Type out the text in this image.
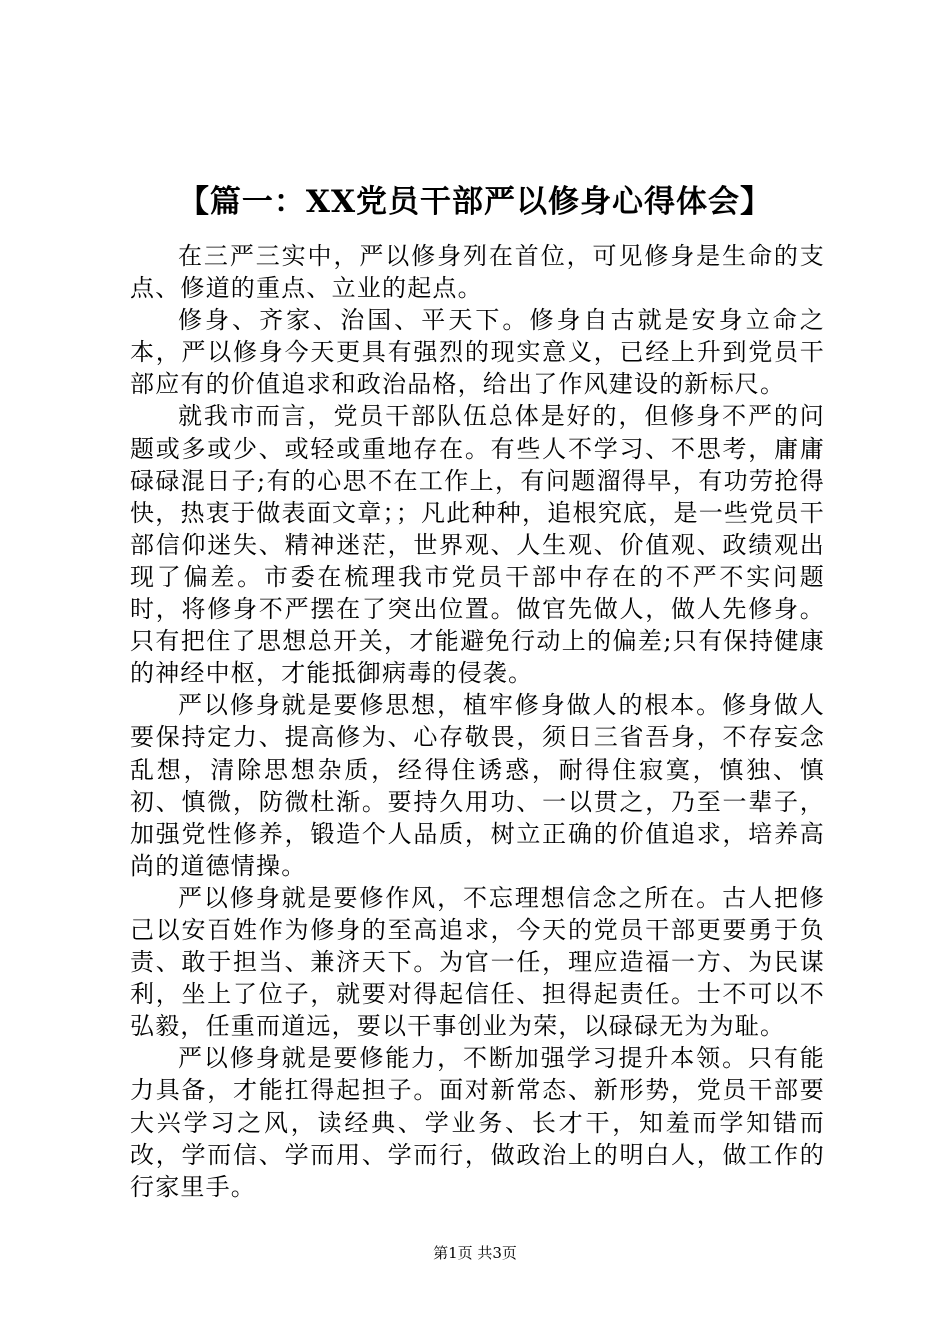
【篇一：XX党员干部严以修身心得体会】

在三严三实中，严以修身列在首位，可见修身是生命的支点、修道的重点、立业的起点。

修身、齐家、治国、平天下。修身自古就是安身立命之本，严以修身今天更具有强烈的现实意义，已经上升到党员干部应有的价值追求和政治品格，给出了作风建设的新标尺。

就我市而言，党员干部队伍总体是好的，但修身不严的问题或多或少、或轻或重地存在。有些人不学习、不思考，庸庸碌碌混日子;有的心思不在工作上，有问题溜得早，有功劳抢得快，热衷于做表面文章；；凡此种种，追根究底，是一些党员干部信仰迷失、精神迷茫，世界观、人生观、价值观、政绩观出现了偏差。市委在梳理我市党员干部中存在的不严不实问题时，将修身不严摆在了突出位置。做官先做人，做人先修身。只有把住了思想总开关，才能避免行动上的偏差;只有保持健康的神经中枢，才能抵御病毒的侵袭。

严以修身就是要修思想，植牢修身做人的根本。修身做人要保持定力、提高修为、心存敬畏，须日三省吾身，不存妄念乱想，清除思想杂质，经得住诱惑，耐得住寂寞，慎独、慎初、慎微，防微杜渐。要持久用功、一以贯之，乃至一辈子，加强党性修养，锻造个人品质，树立正确的价值追求，培养高尚的道德情操。

严以修身就是要修作风，不忘理想信念之所在。古人把修己以安百姓作为修身的至高追求，今天的党员干部更要勇于负责、敢于担当、兼济天下。为官一任，理应造福一方、为民谋利，坐上了位子，就要对得起信任、担得起责任。士不可以不弘毅，任重而道远，要以干事创业为荣，以碌碌无为为耻。

严以修身就是要修能力，不断加强学习提升本领。只有能力具备，才能扛得起担子。面对新常态、新形势，党员干部要大兴学习之风，读经典、学业务、长才干，知羞而学知错而改，学而信、学而用、学而行，做政治上的明白人，做工作的行家里手。

第1页 共3页
